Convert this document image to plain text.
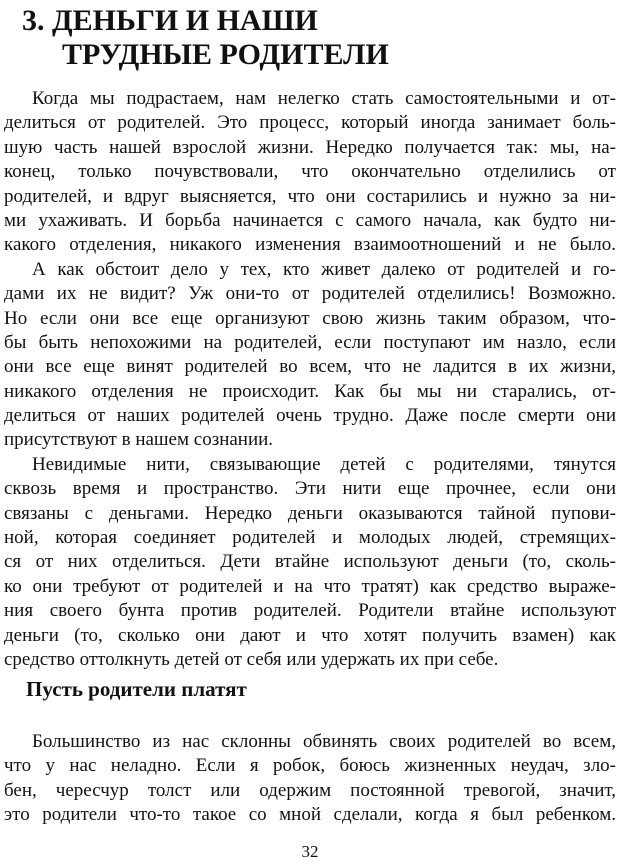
3. ДЕНЬГИ И НАШИ
ТРУДНЫЕ РОДИТЕЛИ
Когда мы подрастаем, нам нелегко стать самостоятельными и от-
делиться от родителей. Это процесс, который иногда занимает боль-
шую часть нашей взрослой жизни. Нередко получается так: мы, на-
конец, только почувствовали, что окончательно отделились от
родителей, и вдруг выясняется, что они состарились и нужно за ни-
ми ухаживать. И борьба начинается с самого начала, как будто ни-
какого отделения, никакого изменения взаимоотношений и не было.
А как обстоит дело у тех, кто живет далеко от родителей и го-
дами их не видит? Уж они-то от родителей отделились! Возможно.
Но если они все еще организуют свою жизнь таким образом, что-
бы быть непохожими на родителей, если поступают им назло, если
они все еще винят родителей во всем, что не ладится в их жизни,
никакого отделения не происходит. Как бы мы ни старались, от-
делиться от наших родителей очень трудно. Даже после смерти они
присутствуют в нашем сознании.
Невидимые нити, связывающие детей с родителями, тянутся
сквозь время и пространство. Эти нити еще прочнее, если они
связаны с деньгами. Нередко деньги оказываются тайной пупови-
ной, которая соединяет родителей и молодых людей, стремящих-
ся от них отделиться. Дети втайне используют деньги (то, сколь-
ко они требуют от родителей и на что тратят) как средство выраже-
ния своего бунта против родителей. Родители втайне используют
деньги (то, сколько они дают и что хотят получить взамен) как
средство оттолкнуть детей от себя или удержать их при себе.
Пусть родители платят
Большинство из нас склонны обвинять своих родителей во всем,
что у нас неладно. Если я робок, боюсь жизненных неудач, зло-
бен, чересчур толст или одержим постоянной тревогой, значит,
это родители что-то такое со мной сделали, когда я был ребенком.
32
